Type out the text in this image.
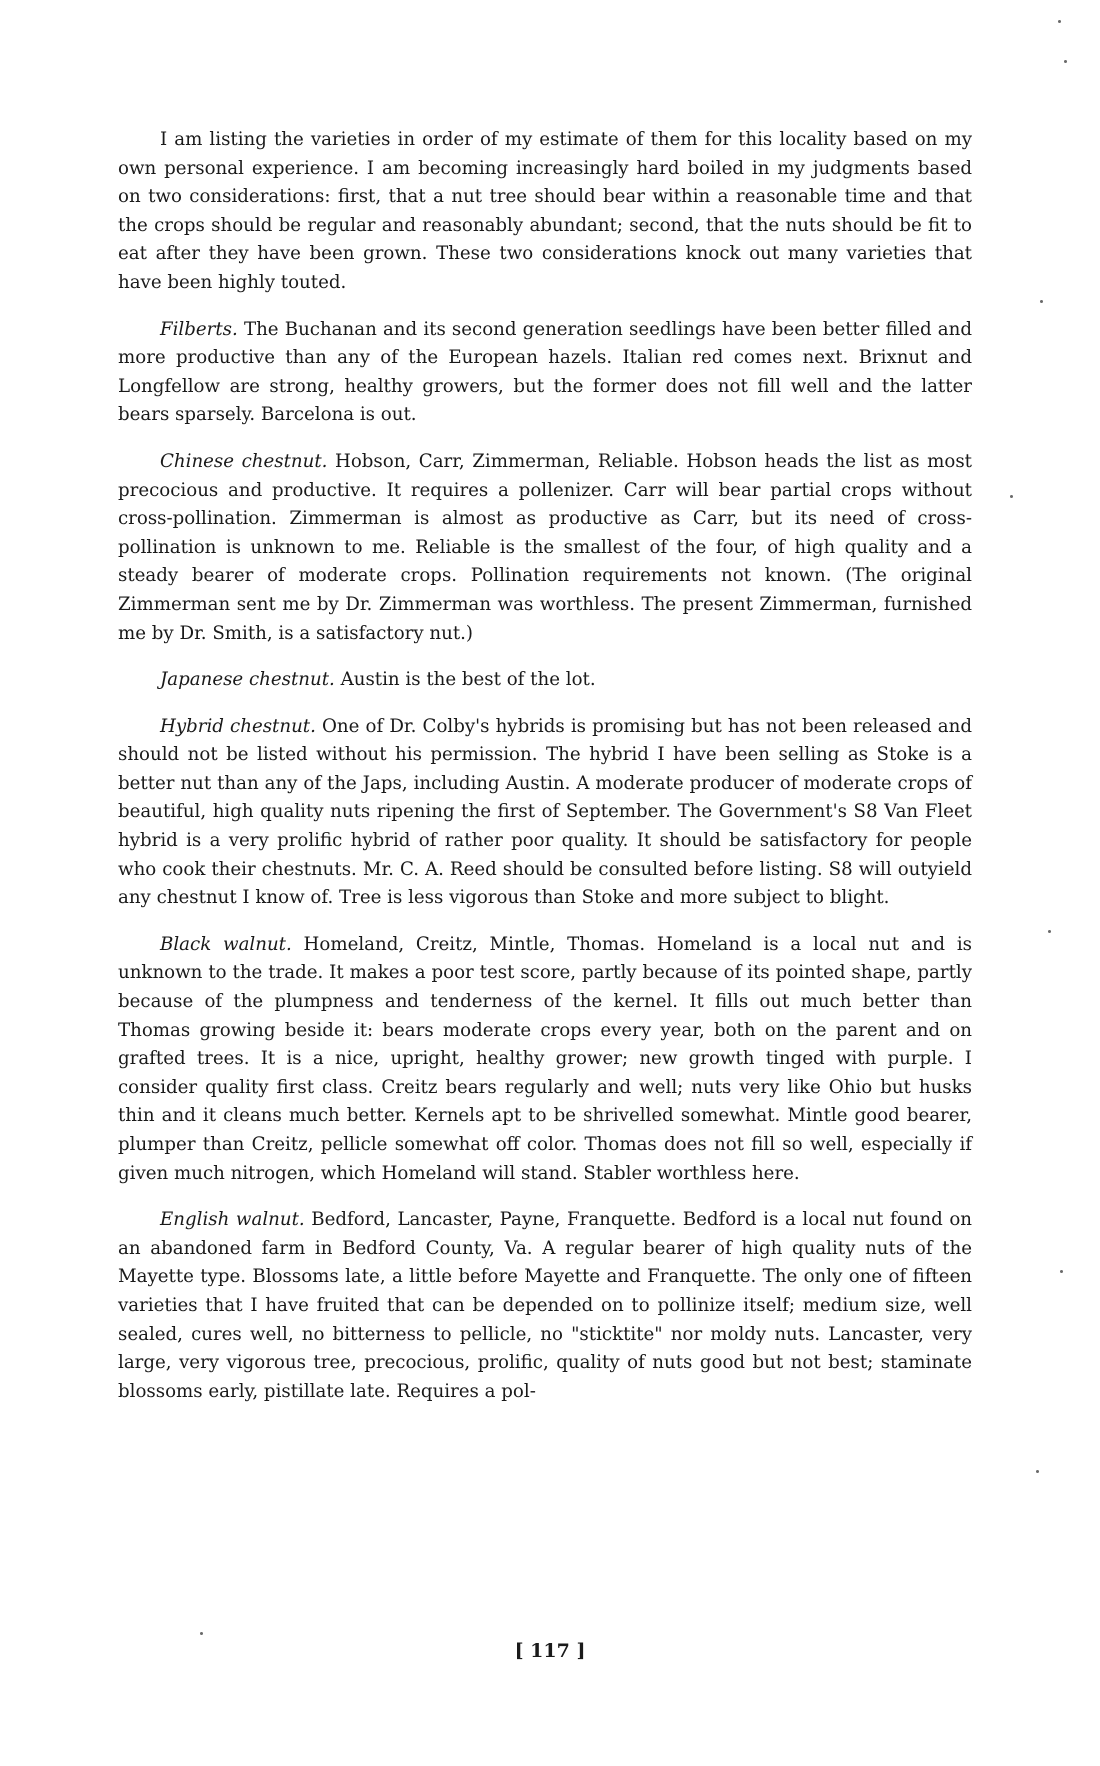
I am listing the varieties in order of my estimate of them for this locality based on my own personal experience. I am becoming increasingly hard boiled in my judgments based on two considerations: first, that a nut tree should bear within a reasonable time and that the crops should be regular and reasonably abundant; second, that the nuts should be fit to eat after they have been grown. These two considerations knock out many varieties that have been highly touted.

Filberts. The Buchanan and its second generation seedlings have been better filled and more productive than any of the European hazels. Italian red comes next. Brixnut and Longfellow are strong, healthy growers, but the former does not fill well and the latter bears sparsely. Barcelona is out.

Chinese chestnut. Hobson, Carr, Zimmerman, Reliable. Hobson heads the list as most precocious and productive. It requires a pollenizer. Carr will bear partial crops without cross-pollination. Zimmerman is almost as productive as Carr, but its need of cross-pollination is unknown to me. Reliable is the smallest of the four, of high quality and a steady bearer of moderate crops. Pollination requirements not known. (The original Zimmerman sent me by Dr. Zimmerman was worthless. The present Zimmerman, furnished me by Dr. Smith, is a satisfactory nut.)

Japanese chestnut. Austin is the best of the lot.

Hybrid chestnut. One of Dr. Colby's hybrids is promising but has not been released and should not be listed without his permission. The hybrid I have been selling as Stoke is a better nut than any of the Japs, including Austin. A moderate producer of moderate crops of beautiful, high quality nuts ripening the first of September. The Government's S8 Van Fleet hybrid is a very prolific hybrid of rather poor quality. It should be satisfactory for people who cook their chestnuts. Mr. C. A. Reed should be consulted before listing. S8 will outyield any chestnut I know of. Tree is less vigorous than Stoke and more subject to blight.

Black walnut. Homeland, Creitz, Mintle, Thomas. Homeland is a local nut and is unknown to the trade. It makes a poor test score, partly because of its pointed shape, partly because of the plumpness and tenderness of the kernel. It fills out much better than Thomas growing beside it: bears moderate crops every year, both on the parent and on grafted trees. It is a nice, upright, healthy grower; new growth tinged with purple. I consider quality first class. Creitz bears regularly and well; nuts very like Ohio but husks thin and it cleans much better. Kernels apt to be shrivelled somewhat. Mintle good bearer, plumper than Creitz, pellicle somewhat off color. Thomas does not fill so well, especially if given much nitrogen, which Homeland will stand. Stabler worthless here.

English walnut. Bedford, Lancaster, Payne, Franquette. Bedford is a local nut found on an abandoned farm in Bedford County, Va. A regular bearer of high quality nuts of the Mayette type. Blossoms late, a little before Mayette and Franquette. The only one of fifteen varieties that I have fruited that can be depended on to pollinize itself; medium size, well sealed, cures well, no bitterness to pellicle, no "sticktite" nor moldy nuts. Lancaster, very large, very vigorous tree, precocious, prolific, quality of nuts good but not best; staminate blossoms early, pistillate late. Requires a pol-

[ 117 ]
